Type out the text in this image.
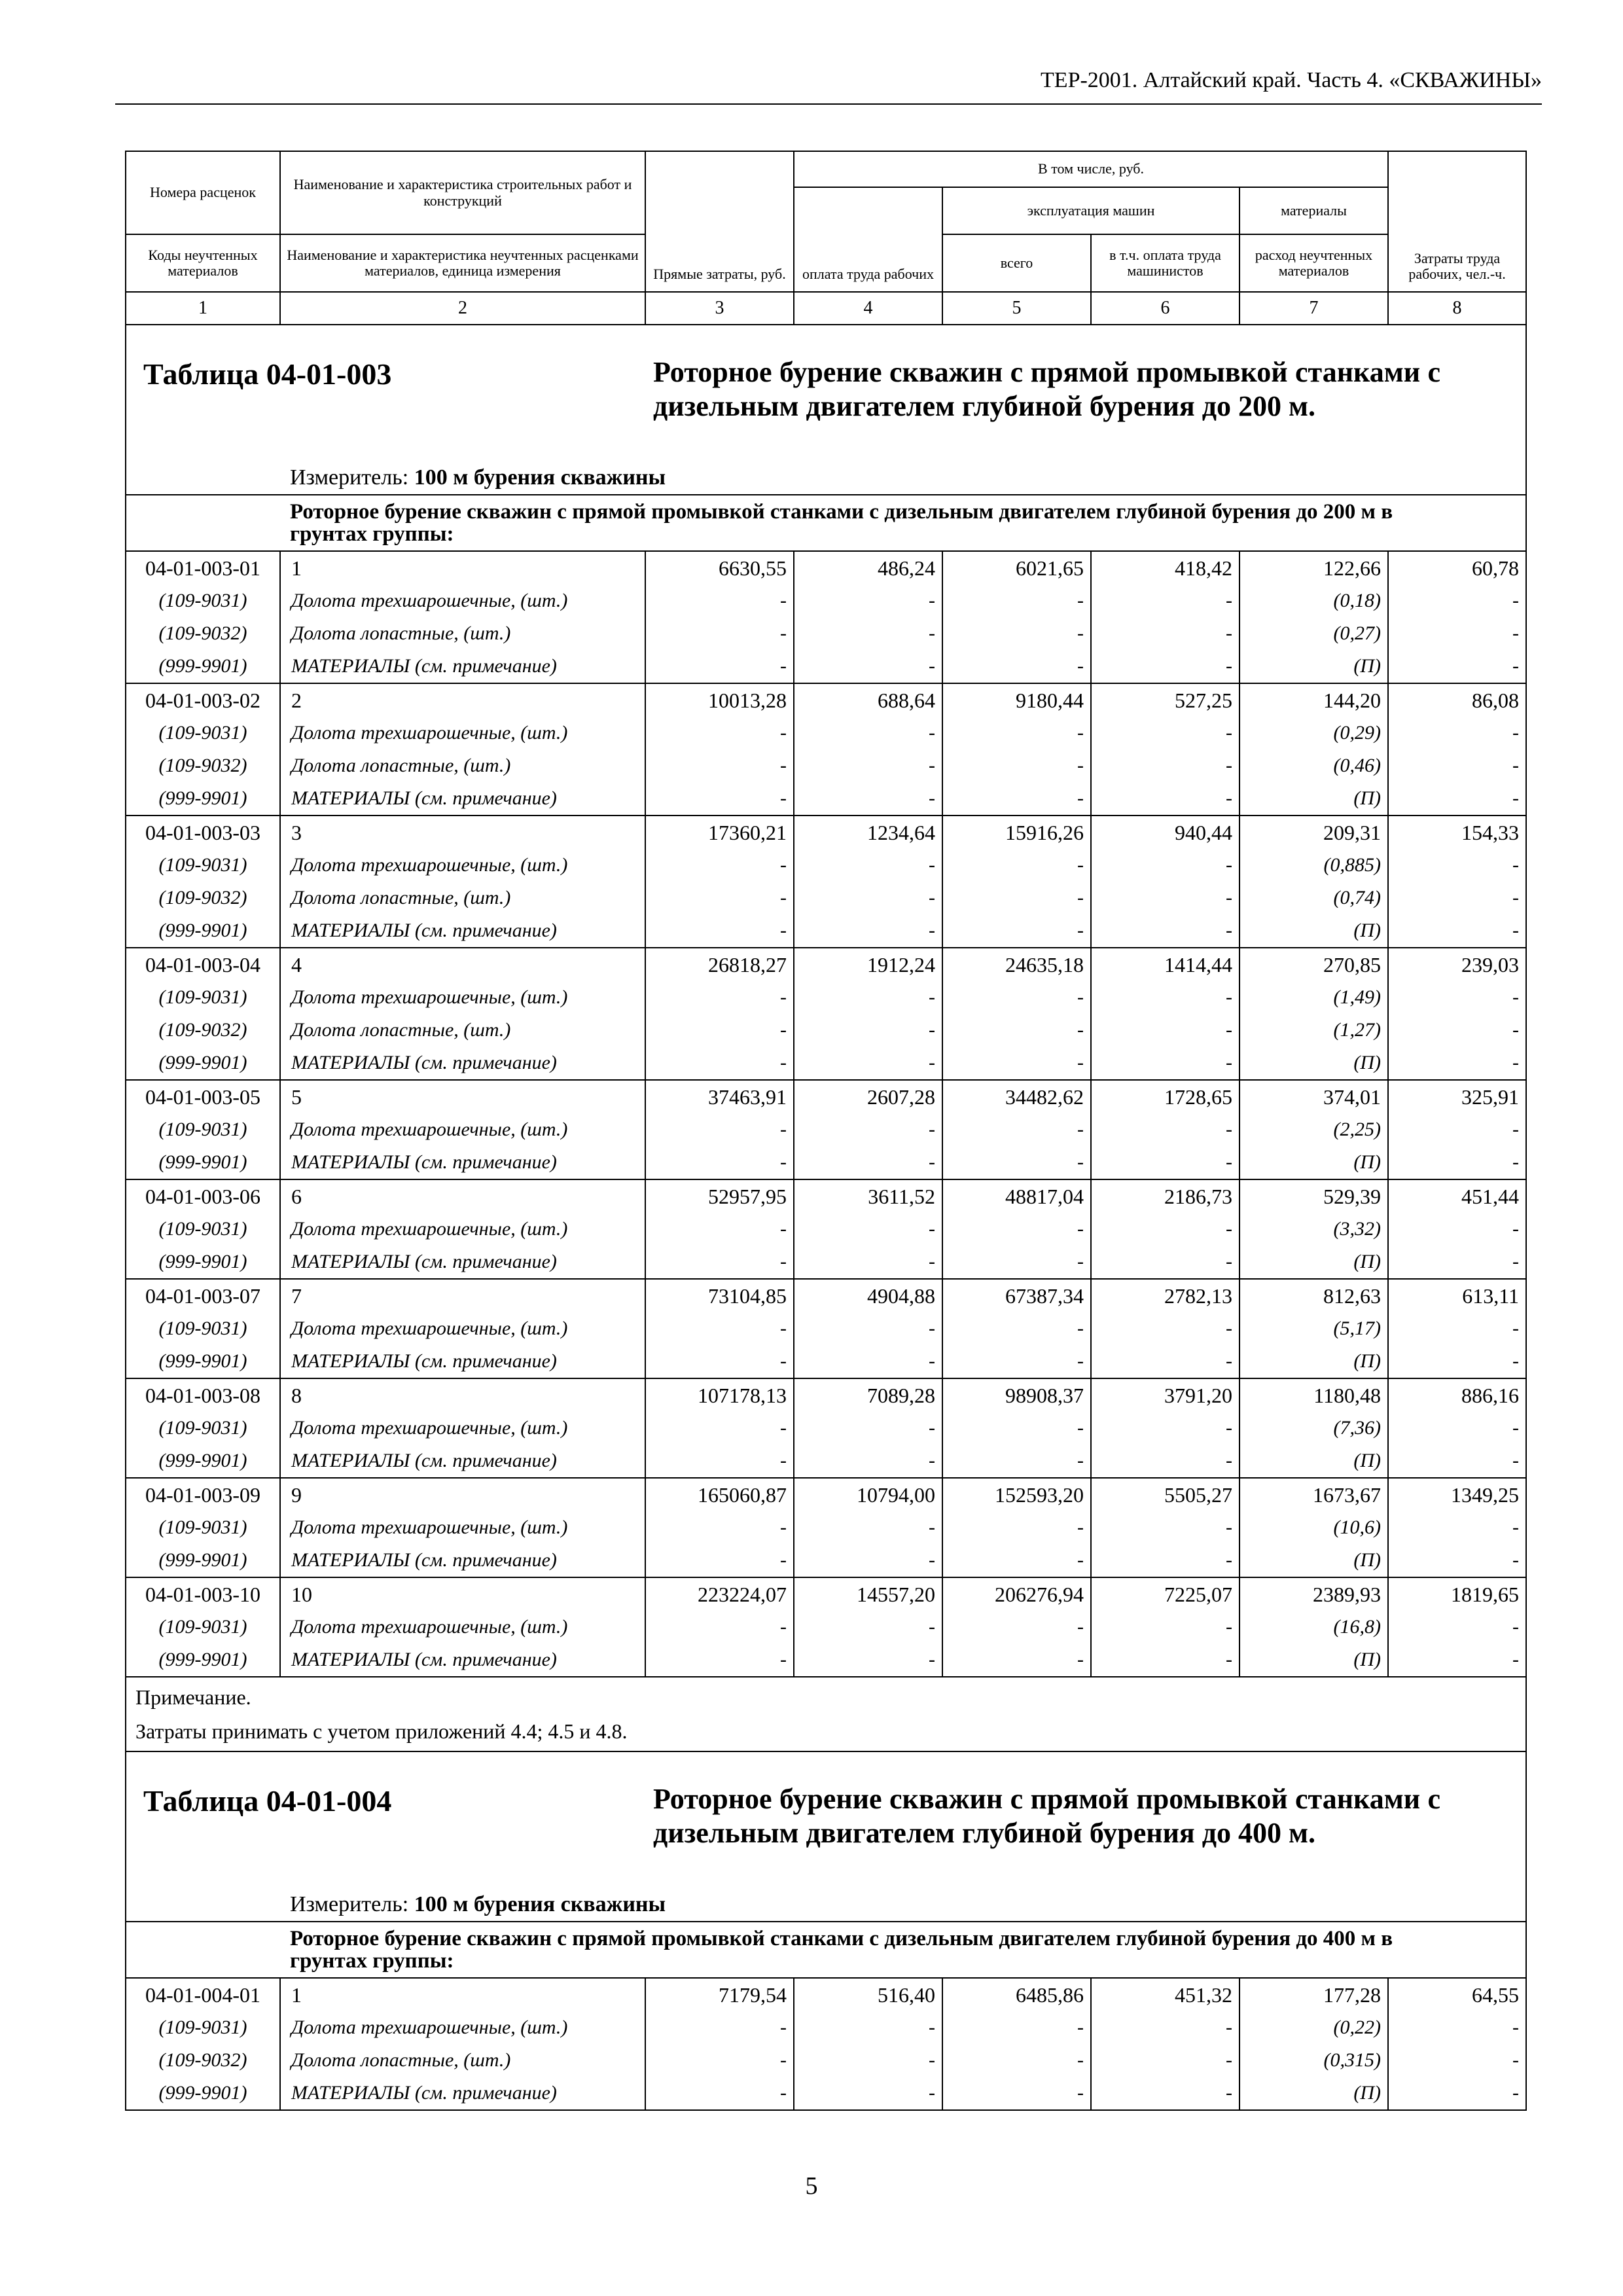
ТЕР-2001. Алтайский край. Часть 4. «СКВАЖИНЫ»
Номера расценок	Наименование и характеристика строительных работ и конструкций	Прямые затраты, руб.	В том числе, руб.				Затраты труда рабочих, чел.-ч.
			оплата труда рабочих	эксплуатация машин		материалы	
Коды неучтенных материалов	Наименование и характеристика неучтенных расценками материалов, единица измерения			всего	в т.ч. оплата труда машинистов	расход неучтенных материалов	
1	2	3	4	5	6	7	8

Таблица 04-01-003 Роторное бурение скважин с прямой промывкой станками с дизельным двигателем глубиной бурения до 200 м.
Измеритель: 100 м бурения скважины							

Роторное бурение скважин с прямой промывкой станками с дизельным двигателем глубиной бурения до 200 м в грунтах группы:							
04-01-003-01	1	6630,55	486,24	6021,65	418,42	122,66	60,78
(109-9031)	Долота трехшарошечные, (шт.)	-	-	-	-	(0,18)	-
(109-9032)	Долота лопастные, (шт.)	-	-	-	-	(0,27)	-
(999-9901)	МАТЕРИАЛЫ (см. примечание)	-	-	-	-	(П)	-
04-01-003-02	2	10013,28	688,64	9180,44	527,25	144,20	86,08
(109-9031)	Долота трехшарошечные, (шт.)	-	-	-	-	(0,29)	-
(109-9032)	Долота лопастные, (шт.)	-	-	-	-	(0,46)	-
(999-9901)	МАТЕРИАЛЫ (см. примечание)	-	-	-	-	(П)	-
04-01-003-03	3	17360,21	1234,64	15916,26	940,44	209,31	154,33
(109-9031)	Долота трехшарошечные, (шт.)	-	-	-	-	(0,885)	-
(109-9032)	Долота лопастные, (шт.)	-	-	-	-	(0,74)	-
(999-9901)	МАТЕРИАЛЫ (см. примечание)	-	-	-	-	(П)	-
04-01-003-04	4	26818,27	1912,24	24635,18	1414,44	270,85	239,03
(109-9031)	Долота трехшарошечные, (шт.)	-	-	-	-	(1,49)	-
(109-9032)	Долота лопастные, (шт.)	-	-	-	-	(1,27)	-
(999-9901)	МАТЕРИАЛЫ (см. примечание)	-	-	-	-	(П)	-
04-01-003-05	5	37463,91	2607,28	34482,62	1728,65	374,01	325,91
(109-9031)	Долота трехшарошечные, (шт.)	-	-	-	-	(2,25)	-
(999-9901)	МАТЕРИАЛЫ (см. примечание)	-	-	-	-	(П)	-
04-01-003-06	6	52957,95	3611,52	48817,04	2186,73	529,39	451,44
(109-9031)	Долота трехшарошечные, (шт.)	-	-	-	-	(3,32)	-
(999-9901)	МАТЕРИАЛЫ (см. примечание)	-	-	-	-	(П)	-
04-01-003-07	7	73104,85	4904,88	67387,34	2782,13	812,63	613,11
(109-9031)	Долота трехшарошечные, (шт.)	-	-	-	-	(5,17)	-
(999-9901)	МАТЕРИАЛЫ (см. примечание)	-	-	-	-	(П)	-
04-01-003-08	8	107178,13	7089,28	98908,37	3791,20	1180,48	886,16
(109-9031)	Долота трехшарошечные, (шт.)	-	-	-	-	(7,36)	-
(999-9901)	МАТЕРИАЛЫ (см. примечание)	-	-	-	-	(П)	-
04-01-003-09	9	165060,87	10794,00	152593,20	5505,27	1673,67	1349,25
(109-9031)	Долота трехшарошечные, (шт.)	-	-	-	-	(10,6)	-
(999-9901)	МАТЕРИАЛЫ (см. примечание)	-	-	-	-	(П)	-
04-01-003-10	10	223224,07	14557,20	206276,94	7225,07	2389,93	1819,65
(109-9031)	Долота трехшарошечные, (шт.)	-	-	-	-	(16,8)	-
(999-9901)	МАТЕРИАЛЫ (см. примечание)	-	-	-	-	(П)	-

Примечание.
Затраты принимать с учетом приложений 4.4; 4.5 и 4.8.							

Таблица 04-01-004 Роторное бурение скважин с прямой промывкой станками с дизельным двигателем глубиной бурения до 400 м.
Измеритель: 100 м бурения скважины							

Роторное бурение скважин с прямой промывкой станками с дизельным двигателем глубиной бурения до 400 м в грунтах группы:							
04-01-004-01	1	7179,54	516,40	6485,86	451,32	177,28	64,55
(109-9031)	Долота трехшарошечные, (шт.)	-	-	-	-	(0,22)	-
(109-9032)	Долота лопастные, (шт.)	-	-	-	-	(0,315)	-
(999-9901)	МАТЕРИАЛЫ (см. примечание)	-	-	-	-	(П)	-
5
